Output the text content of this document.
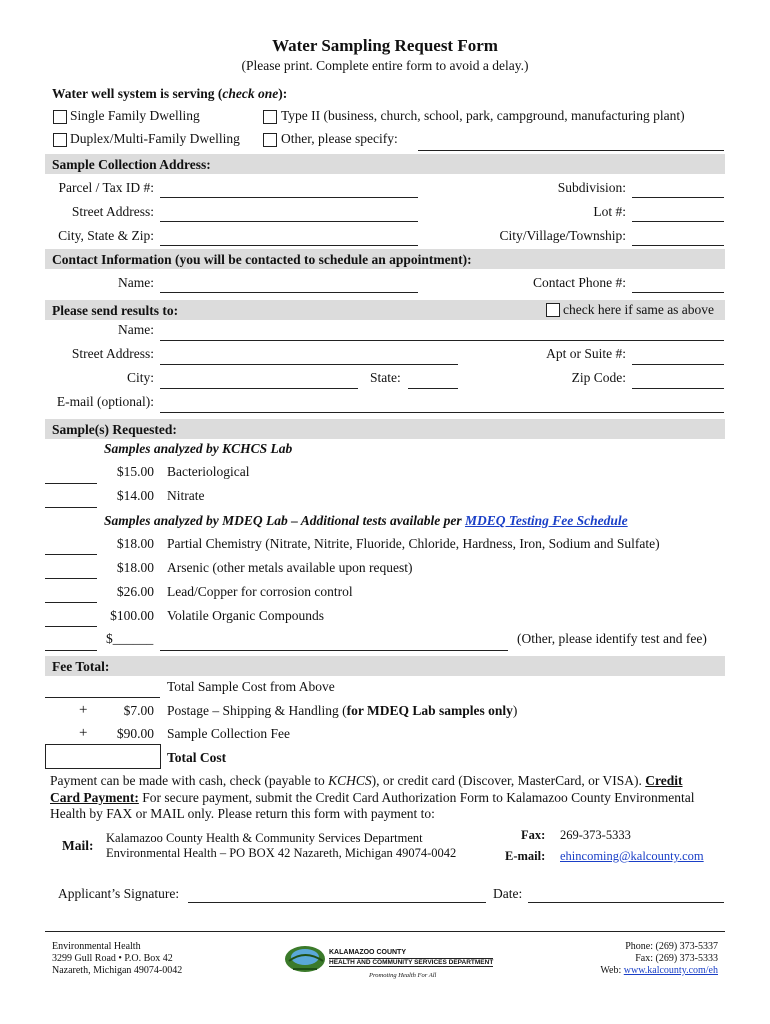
Water Sampling Request Form
(Please print. Complete entire form to avoid a delay.)
Water well system is serving (check one):
Single Family Dwelling	Type II (business, church, school, park, campground, manufacturing plant)
Duplex/Multi-Family Dwelling	Other, please specify:
Sample Collection Address:
Parcel / Tax ID #:	Subdivision:
Street Address:	Lot #:
City, State & Zip:	City/Village/Township:
Contact Information (you will be contacted to schedule an appointment):
Name:	Contact Phone #:
Please send results to:	check here if same as above
Name:
Street Address:	Apt or Suite #:
City:	State:	Zip Code:
E-mail (optional):
Sample(s) Requested:
Samples analyzed by KCHCS Lab
$15.00 Bacteriological
$14.00 Nitrate
Samples analyzed by MDEQ Lab – Additional tests available per MDEQ Testing Fee Schedule
$18.00 Partial Chemistry (Nitrate, Nitrite, Fluoride, Chloride, Hardness, Iron, Sodium and Sulfate)
$18.00 Arsenic (other metals available upon request)
$26.00 Lead/Copper for corrosion control
$100.00 Volatile Organic Compounds
$______	(Other, please identify test and fee)
Fee Total:
Total Sample Cost from Above
+	$7.00 Postage – Shipping & Handling (for MDEQ Lab samples only)
+	$90.00 Sample Collection Fee
Total Cost
Payment can be made with cash, check (payable to KCHCS), or credit card (Discover, MasterCard, or VISA). Credit
Card Payment: For secure payment, submit the Credit Card Authorization Form to Kalamazoo County Environmental
Health by FAX or MAIL only. Please return this form with payment to:
Mail: Kalamazoo County Health & Community Services Department
Environmental Health – PO BOX 42 Nazareth, Michigan 49074-0042
Fax: 269-373-5333
E-mail: ehincoming@kalcounty.com
Applicant’s Signature:	Date:
Environmental Health
3299 Gull Road • P.O. Box 42
Nazareth, Michigan 49074-0042
KALAMAZOO COUNTY
HEALTH AND COMMUNITY SERVICES DEPARTMENT
Promoting Health For All
Phone: (269) 373-5337
Fax: (269) 373-5333
Web: www.kalcounty.com/eh
